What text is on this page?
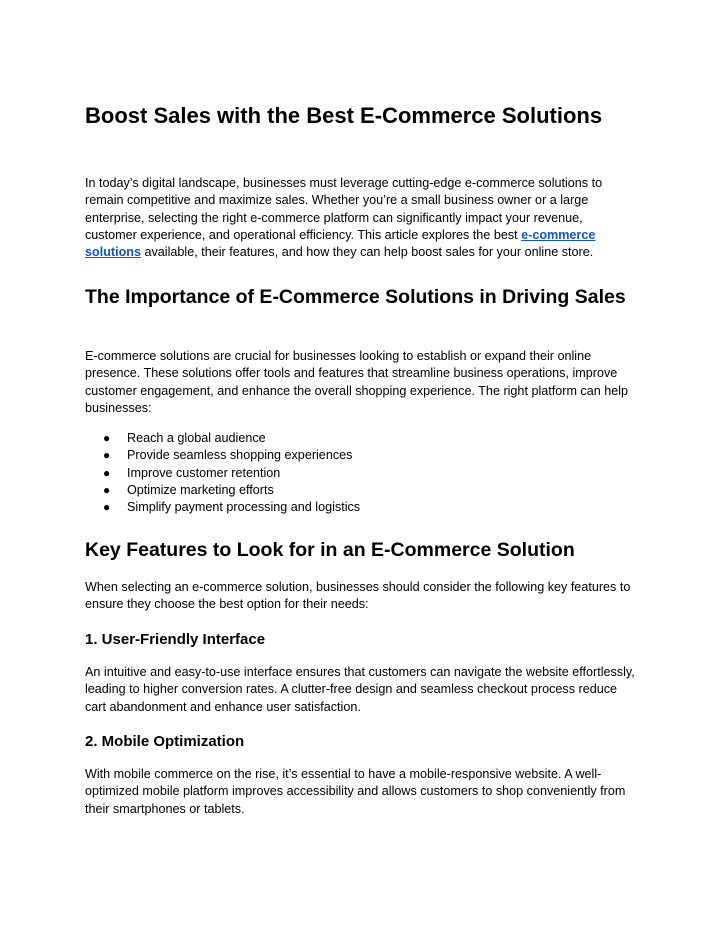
Boost Sales with the Best E-Commerce Solutions

In today’s digital landscape, businesses must leverage cutting-edge e-commerce solutions to remain competitive and maximize sales. Whether you’re a small business owner or a large enterprise, selecting the right e-commerce platform can significantly impact your revenue, customer experience, and operational efficiency. This article explores the best e-commerce solutions available, their features, and how they can help boost sales for your online store.

The Importance of E-Commerce Solutions in Driving Sales

E-commerce solutions are crucial for businesses looking to establish or expand their online presence. These solutions offer tools and features that streamline business operations, improve customer engagement, and enhance the overall shopping experience. The right platform can help businesses:

● Reach a global audience
● Provide seamless shopping experiences
● Improve customer retention
● Optimize marketing efforts
● Simplify payment processing and logistics
Key Features to Look for in an E-Commerce Solution

When selecting an e-commerce solution, businesses should consider the following key features to ensure they choose the best option for their needs:

1. User-Friendly Interface

An intuitive and easy-to-use interface ensures that customers can navigate the website effortlessly, leading to higher conversion rates. A clutter-free design and seamless checkout process reduce cart abandonment and enhance user satisfaction.

2. Mobile Optimization

With mobile commerce on the rise, it’s essential to have a mobile-responsive website. A well-optimized mobile platform improves accessibility and allows customers to shop conveniently from their smartphones or tablets.
